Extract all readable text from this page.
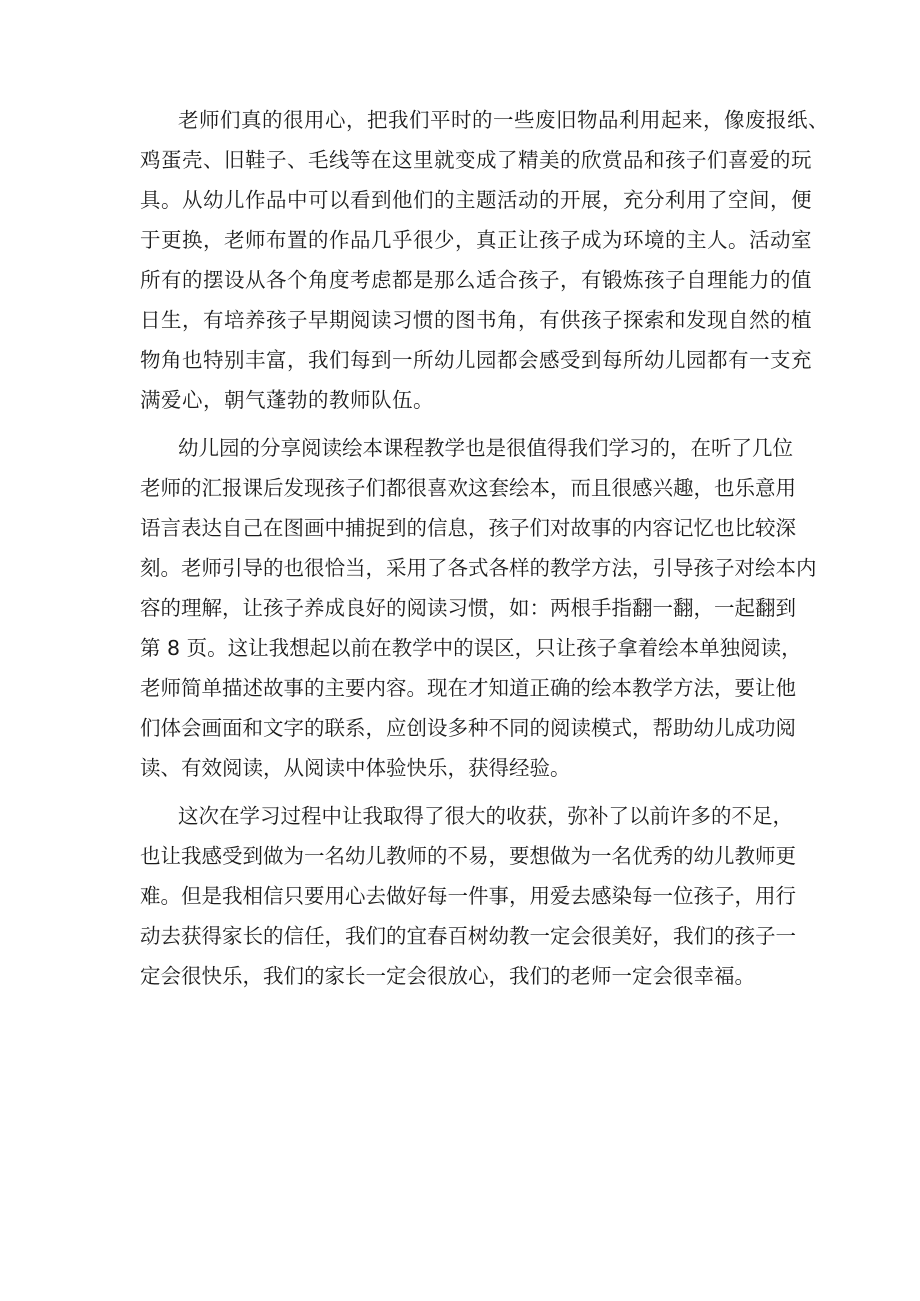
老师们真的很用心，把我们平时的一些废旧物品利用起来，像废报纸、
鸡蛋壳、旧鞋子、毛线等在这里就变成了精美的欣赏品和孩子们喜爱的玩
具。从幼儿作品中可以看到他们的主题活动的开展，充分利用了空间，便
于更换，老师布置的作品几乎很少，真正让孩子成为环境的主人。活动室
所有的摆设从各个角度考虑都是那么适合孩子，有锻炼孩子自理能力的值
日生，有培养孩子早期阅读习惯的图书角，有供孩子探索和发现自然的植
物角也特别丰富，我们每到一所幼儿园都会感受到每所幼儿园都有一支充
满爱心，朝气蓬勃的教师队伍。
幼儿园的分享阅读绘本课程教学也是很值得我们学习的，在听了几位
老师的汇报课后发现孩子们都很喜欢这套绘本，而且很感兴趣，也乐意用
语言表达自己在图画中捕捉到的信息，孩子们对故事的内容记忆也比较深
刻。老师引导的也很恰当，采用了各式各样的教学方法，引导孩子对绘本内
容的理解，让孩子养成良好的阅读习惯，如：两根手指翻一翻，一起翻到
第 8 页。这让我想起以前在教学中的误区，只让孩子拿着绘本单独阅读，
老师简单描述故事的主要内容。现在才知道正确的绘本教学方法，要让他
们体会画面和文字的联系，应创设多种不同的阅读模式，帮助幼儿成功阅
读、有效阅读，从阅读中体验快乐，获得经验。
这次在学习过程中让我取得了很大的收获，弥补了以前许多的不足，
也让我感受到做为一名幼儿教师的不易，要想做为一名优秀的幼儿教师更
难。但是我相信只要用心去做好每一件事，用爱去感染每一位孩子，用行
动去获得家长的信任，我们的宜春百树幼教一定会很美好，我们的孩子一
定会很快乐，我们的家长一定会很放心，我们的老师一定会很幸福。
